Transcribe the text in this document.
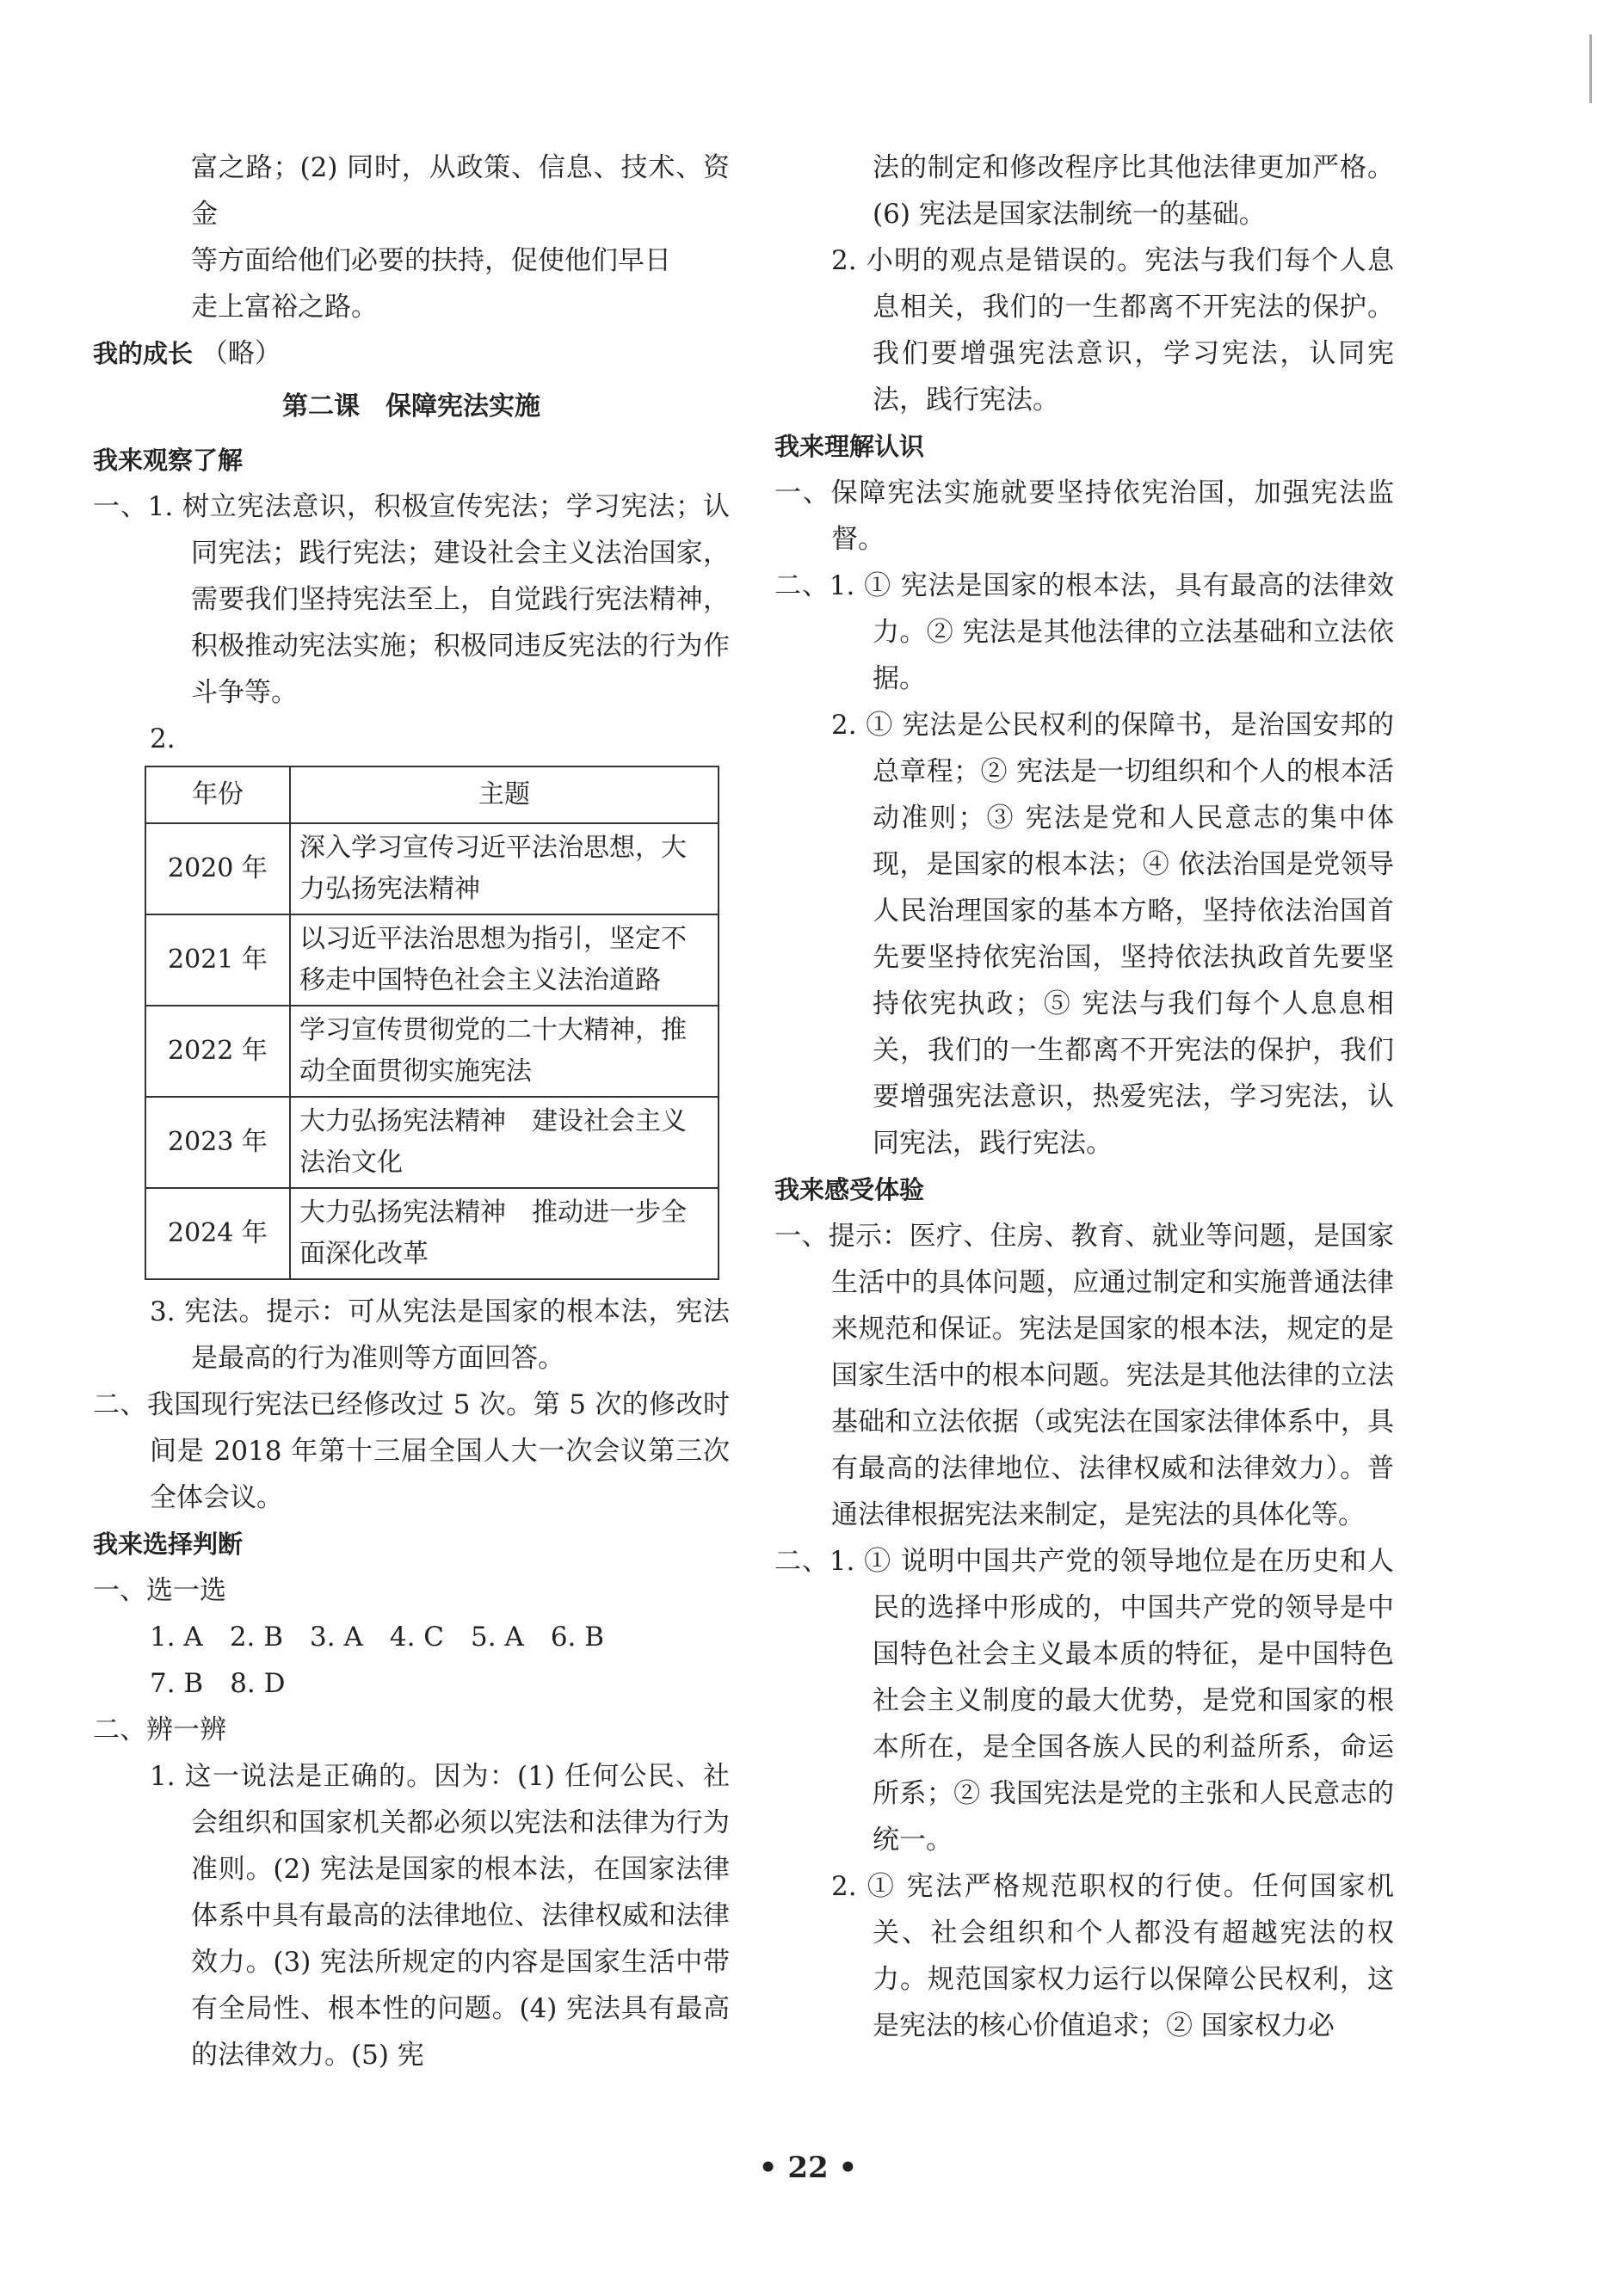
富之路；(2) 同时，从政策、信息、技术、资金
等方面给他们必要的扶持，促使他们早日
走上富裕之路。
我的成长 （略）
第二课　保障宪法实施
我来观察了解
一、1. 树立宪法意识，积极宣传宪法；学习宪法；认同宪法；践行宪法；建设社会主义法治国家，需要我们坚持宪法至上，自觉践行宪法精神，积极推动宪法实施；积极同违反宪法的行为作斗争等。
2.
年份	主题
2020 年	深入学习宣传习近平法治思想，大力弘扬宪法精神
2021 年	以习近平法治思想为指引，坚定不移走中国特色社会主义法治道路
2022 年	学习宣传贯彻党的二十大精神，推动全面贯彻实施宪法
2023 年	大力弘扬宪法精神　建设社会主义法治文化
2024 年	大力弘扬宪法精神　推动进一步全面深化改革
3. 宪法。提示：可从宪法是国家的根本法，宪法是最高的行为准则等方面回答。
二、我国现行宪法已经修改过 5 次。第 5 次的修改时间是 2018 年第十三届全国人大一次会议第三次全体会议。
我来选择判断
一、选一选
1. A　2. B　3. A　4. C　5. A　6. B
7. B　8. D
二、辨一辨
1. 这一说法是正确的。因为：(1) 任何公民、社会组织和国家机关都必须以宪法和法律为行为准则。(2) 宪法是国家的根本法，在国家法律体系中具有最高的法律地位、法律权威和法律效力。(3) 宪法所规定的内容是国家生活中带有全局性、根本性的问题。(4) 宪法具有最高的法律效力。(5) 宪
法的制定和修改程序比其他法律更加严格。(6) 宪法是国家法制统一的基础。
2. 小明的观点是错误的。宪法与我们每个人息息相关，我们的一生都离不开宪法的保护。我们要增强宪法意识，学习宪法，认同宪法，践行宪法。
我来理解认识
一、保障宪法实施就要坚持依宪治国，加强宪法监督。
二、1. ① 宪法是国家的根本法，具有最高的法律效力。② 宪法是其他法律的立法基础和立法依据。
2. ① 宪法是公民权利的保障书，是治国安邦的总章程；② 宪法是一切组织和个人的根本活动准则；③ 宪法是党和人民意志的集中体现，是国家的根本法；④ 依法治国是党领导人民治理国家的基本方略，坚持依法治国首先要坚持依宪治国，坚持依法执政首先要坚持依宪执政；⑤ 宪法与我们每个人息息相关，我们的一生都离不开宪法的保护，我们要增强宪法意识，热爱宪法，学习宪法，认同宪法，践行宪法。
我来感受体验
一、提示：医疗、住房、教育、就业等问题，是国家生活中的具体问题，应通过制定和实施普通法律来规范和保证。宪法是国家的根本法，规定的是国家生活中的根本问题。宪法是其他法律的立法基础和立法依据（或宪法在国家法律体系中，具有最高的法律地位、法律权威和法律效力）。普通法律根据宪法来制定，是宪法的具体化等。
二、1. ① 说明中国共产党的领导地位是在历史和人民的选择中形成的，中国共产党的领导是中国特色社会主义最本质的特征，是中国特色社会主义制度的最大优势，是党和国家的根本所在，是全国各族人民的利益所系，命运所系；② 我国宪法是党的主张和人民意志的统一。
2. ① 宪法严格规范职权的行使。任何国家机关、社会组织和个人都没有超越宪法的权力。规范国家权力运行以保障公民权利，这是宪法的核心价值追求；② 国家权力必
• 22 •
